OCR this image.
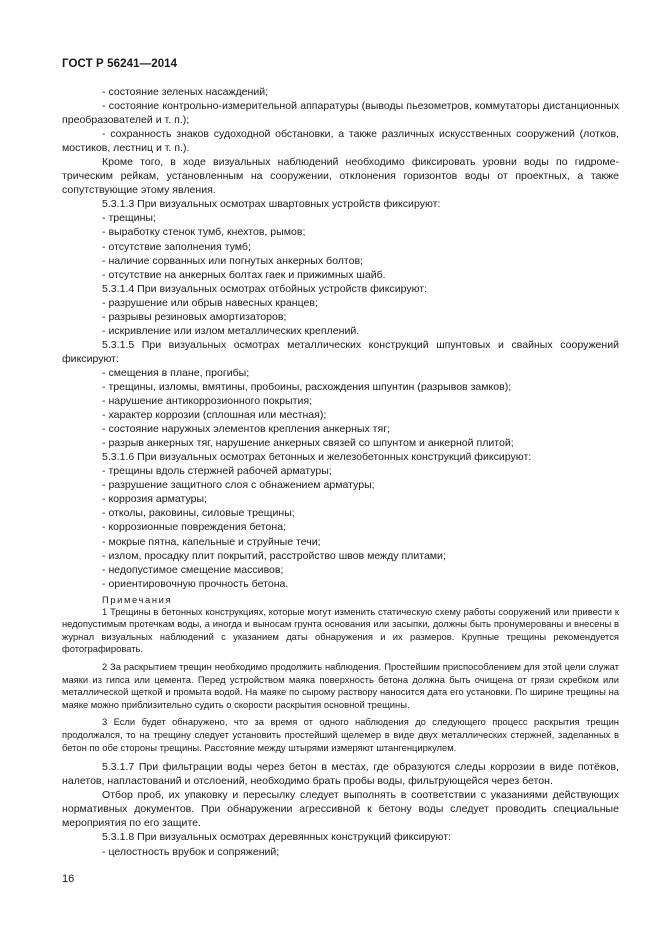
ГОСТ Р 56241—2014

- состояние зеленых насаждений;

- состояние контрольно-измерительной аппаратуры (выводы пьезометров, коммутаторы дистанционных преобразователей и т. п.);

- сохранность знаков судоходной обстановки, а также различных искусственных сооружений (лотков, мостиков, лестниц и т. п.).

Кроме того, в ходе визуальных наблюдений необходимо фиксировать уровни воды по гидрометрическим рейкам, установленным на сооружении, отклонения горизонтов воды от проектных, а также сопутствующие этому явления.

5.3.1.3 При визуальных осмотрах швартовных устройств фиксируют:

- трещины;

- выработку стенок тумб, кнехтов, рымов;

- отсутствие заполнения тумб;

- наличие сорванных или погнутых анкерных болтов;

- отсутствие на анкерных болтах гаек и прижимных шайб.

5.3.1.4 При визуальных осмотрах отбойных устройств фиксируют:

- разрушение или обрыв навесных кранцев;

- разрывы резиновых амортизаторов;

- искривление или излом металлических креплений.

5.3.1.5 При визуальных осмотрах металлических конструкций шпунтовых и свайных сооружений фиксируют:

- смещения в плане, прогибы;

- трещины, изломы, вмятины, пробоины, расхождения шпунтин (разрывов замков);

- нарушение антикоррозионного покрытия;

- характер коррозии (сплошная или местная);

- состояние наружных элементов крепления анкерных тяг;

- разрыв анкерных тяг, нарушение анкерных связей со шпунтом и анкерной плитой;

5.3.1.6 При визуальных осмотрах бетонных и железобетонных конструкций фиксируют:

- трещины вдоль стержней рабочей арматуры;

- разрушение защитного слоя с обнажением арматуры;

- коррозия арматуры;

- отколы, раковины, силовые трещины;

- коррозионные повреждения бетона;

- мокрые пятна, капельные и струйные течи;

- излом, просадку плит покрытий, расстройство швов между плитами;

- недопустимое смещение массивов;

- ориентировочную прочность бетона.

Примечания

1 Трещины в бетонных конструкциях, которые могут изменить статическую схему работы сооружений или привести к недопустимым протечкам воды, а иногда и выносам грунта основания или засыпки, должны быть пронумерованы и внесены в журнал визуальных наблюдений с указанием даты обнаружения и их размеров. Крупные трещины рекомендуется фотографировать.

2 За раскрытием трещин необходимо продолжить наблюдения. Простейшим приспособлением для этой цели служат маяки из гипса или цемента. Перед устройством маяка поверхность бетона должна быть очищена от грязи скребком или металлической щеткой и промыта водой. На маяке по сырому раствору наносится дата его установки. По ширине трещины на маяке можно приблизительно судить о скорости раскрытия основной трещины.

3 Если будет обнаружено, что за время от одного наблюдения до следующего процесс раскрытия трещин продолжался, то на трещину следует установить простейший щелемер в виде двух металлических стержней, заделанных в бетон по обе стороны трещины. Расстояние между штырями измеряют штангенциркулем.

5.3.1.7 При фильтрации воды через бетон в местах, где образуются следы коррозии в виде потёков, налетов, напластований и отслоений, необходимо брать пробы воды, фильтрующейся через бетон.

Отбор проб, их упаковку и пересылку следует выполнять в соответствии с указаниями действующих нормативных документов. При обнаружении агрессивной к бетону воды следует проводить специальные мероприятия по его защите.

5.3.1.8 При визуальных осмотрах деревянных конструкций фиксируют:

- целостность врубок и сопряжений;

16
